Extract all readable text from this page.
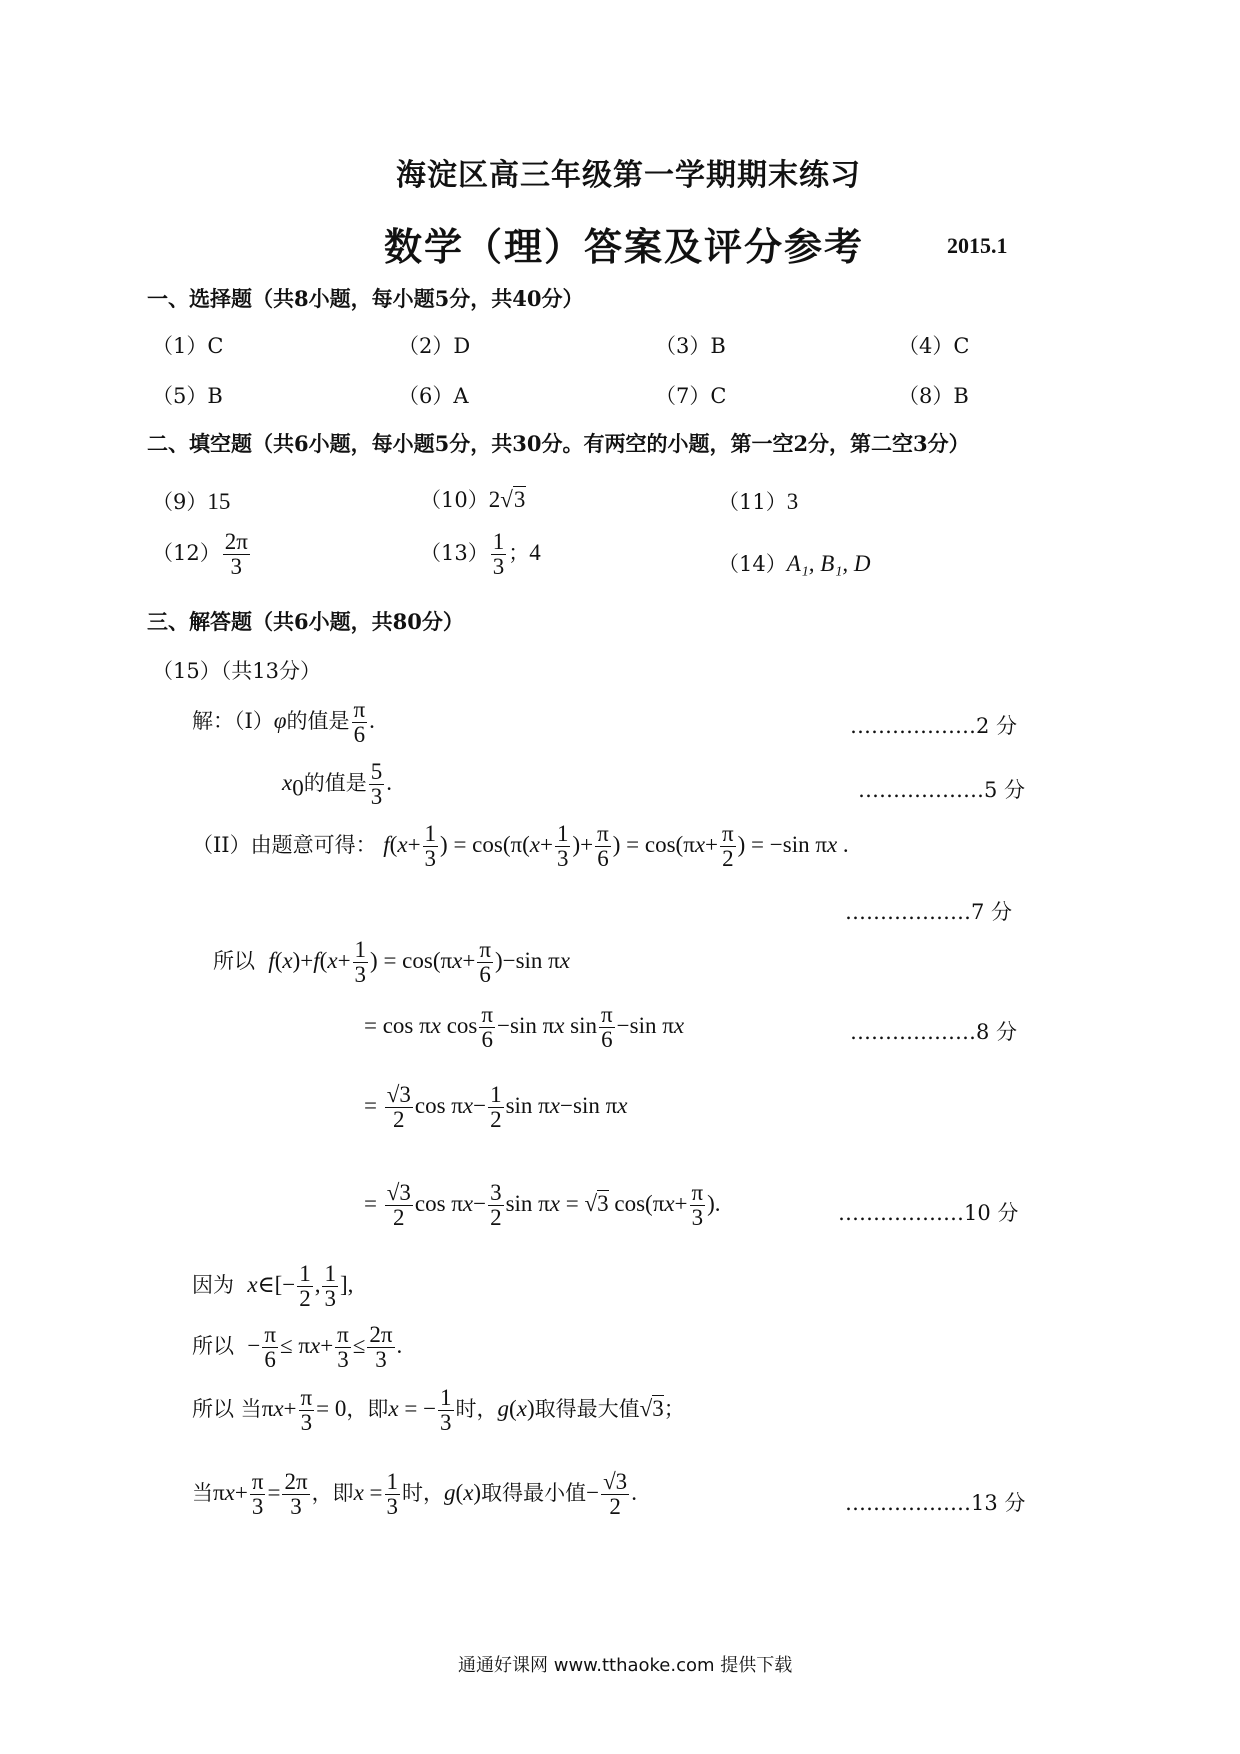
海淀区高三年级第一学期期末练习
数学（理）答案及评分参考	2015.1
一、选择题（共8小题，每小题5分，共40分）
（1）C	（2）D	（3）B	（4）C
（5）B	（6）A	（7）C	（8）B
二、填空题（共6小题，每小题5分，共30分。有两空的小题，第一空2分，第二空3分）
（9）15	（10）2√3	（11）3
$(12) \frac{2\pi}{3}$	$(13) \frac{1}{3}$ ；4	（14）A₁, B₁, D
三、解答题（共6小题，共80分）
（15）（共13分）
解：（I）φ的值是 $\frac{\pi}{6}$ .	………………2 分
$x_0$的值是 $\frac{5}{3}$ .	………………5 分
（II）由题意可得： $f(x+ \frac{1}{3}$ ) = $\cos(\pi(x+ \frac{1}{3}$ )+ $\frac{\pi}{6}$ ) = $\cos(\pi x+ \frac{\pi}{2}$ ) = −sin πx .
………………7 分
所以 $f(x)+f(x+ \frac{1}{3}$ ) = $\cos(\pi x+ \frac{\pi}{6} )-\sin$ πx
= cos πx $\cos \frac{\pi}{6} -\sin$ πx $\sin \frac{\pi}{6} -\sin$ πx	………………8 分
= $\frac{√3}{2}$ $\cos \pi x- \frac{1}{2}$ sin πx−sin πx
= $\frac{√3}{2}$ $\cos \pi x- \frac{3}{2}$ sin πx = √3 $\cos(\pi x+ \frac{\pi}{3}$ ).	………………10 分
因为 x∈[− $\frac{1}{2}$ , $\frac{1}{3}$ ],
所以 − $\frac{\pi}{6} \le \pi x+ \frac{\pi}{3} \le \frac{2\pi}{3}$ .
所以 当$\pi x+ \frac{\pi}{3} = 0$，即x = − $\frac{1}{3}$ 时，g(x)取得最大值√3；
当$\pi x+ \frac{\pi}{3} = \frac{2\pi}{3}$ ，即$x = \frac{1}{3}$ 时，g(x)取得最小值− $\frac{√3}{2}$ .	………………13 分
通通好课网 www.tthaoke.com 提供下载
